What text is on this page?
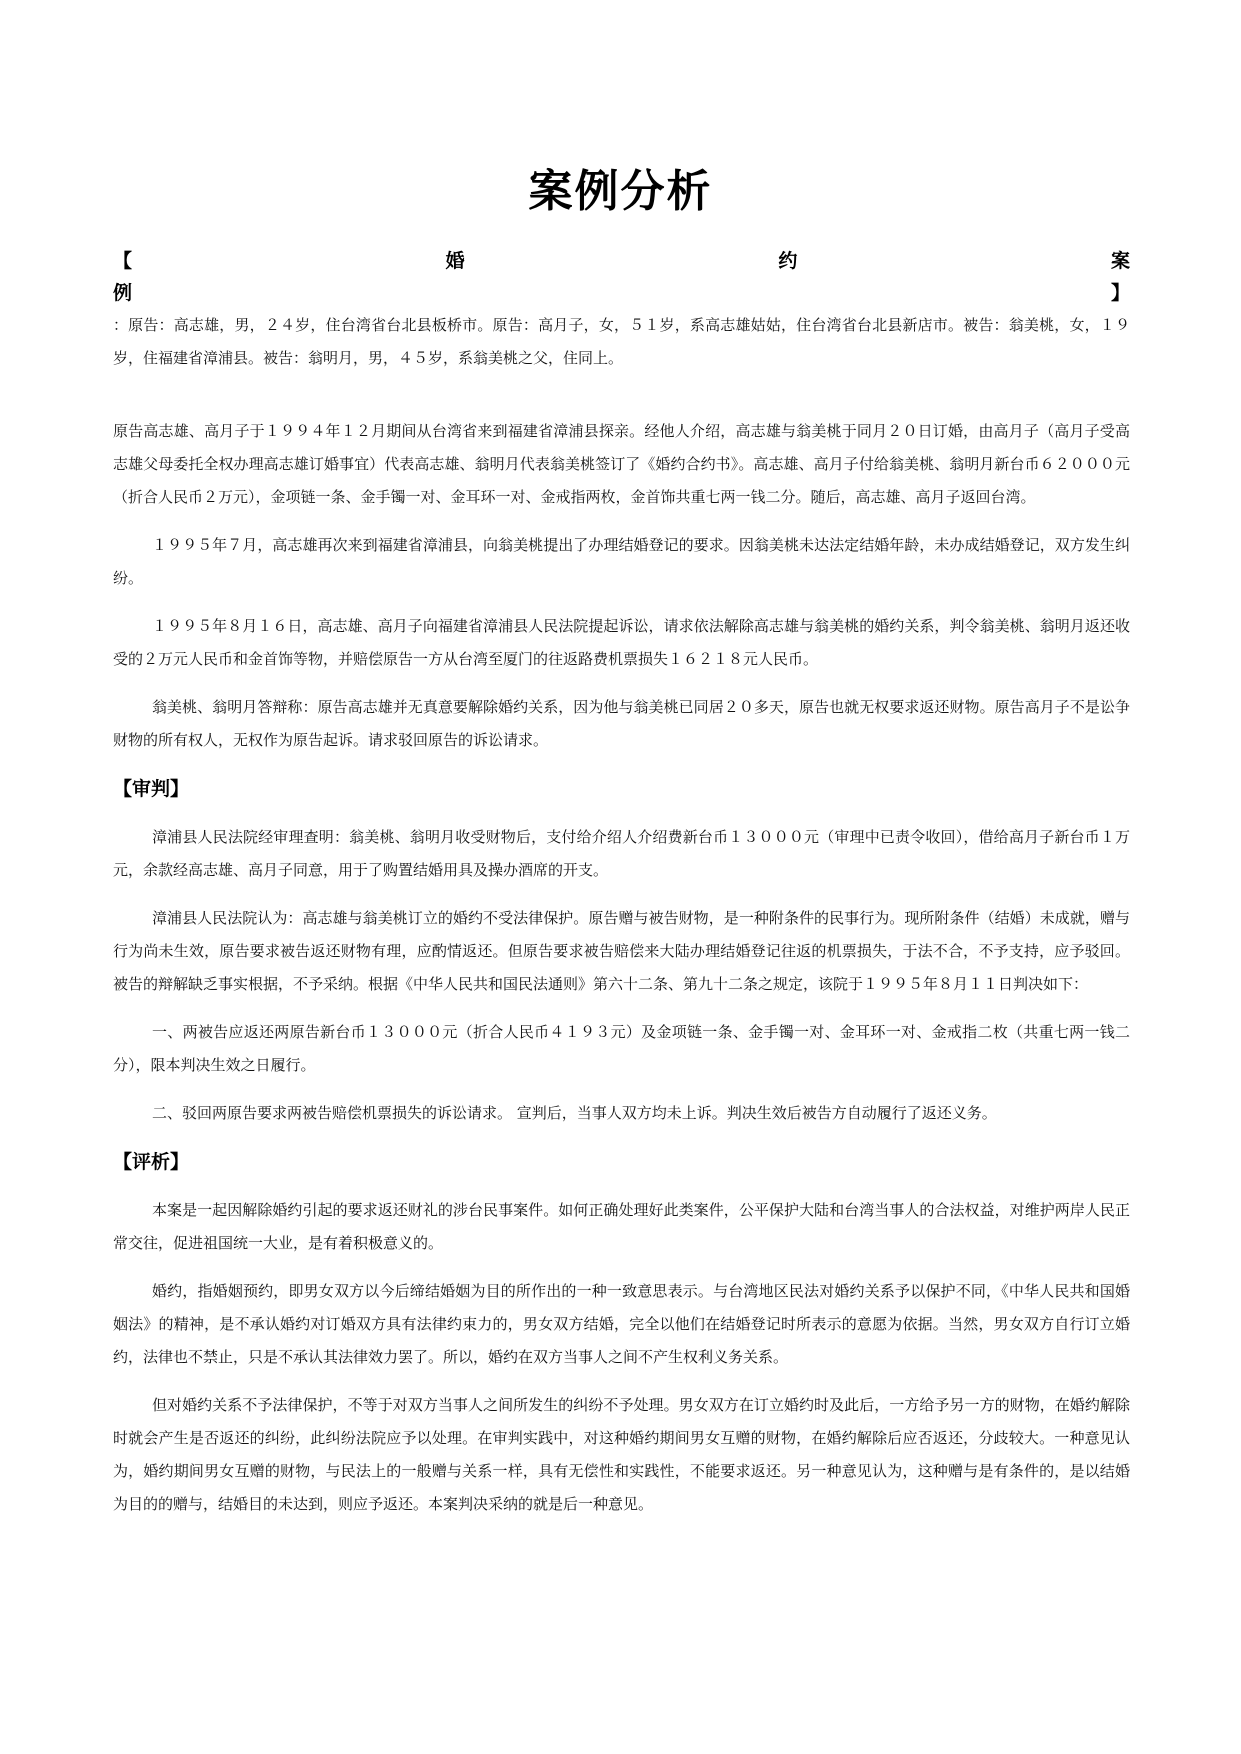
案例分析
【	婚	约	案
例	】

：原告：高志雄，男，２４岁，住台湾省台北县板桥市。原告：高月子，女，５１岁，系高志雄姑姑，住台湾省台北县新店市。被告：翁美桃，女，１９岁，住福建省漳浦县。被告：翁明月，男，４５岁，系翁美桃之父，住同上。

原告高志雄、高月子于１９９４年１２月期间从台湾省来到福建省漳浦县探亲。经他人介绍，高志雄与翁美桃于同月２０日订婚，由高月子（高月子受高志雄父母委托全权办理高志雄订婚事宜）代表高志雄、翁明月代表翁美桃签订了《婚约合约书》。高志雄、高月子付给翁美桃、翁明月新台币６２０００元（折合人民币２万元），金项链一条、金手镯一对、金耳环一对、金戒指两枚，金首饰共重七两一钱二分。随后，高志雄、高月子返回台湾。

１９９５年７月，高志雄再次来到福建省漳浦县，向翁美桃提出了办理结婚登记的要求。因翁美桃未达法定结婚年龄，未办成结婚登记，双方发生纠纷。

１９９５年８月１６日，高志雄、高月子向福建省漳浦县人民法院提起诉讼，请求依法解除高志雄与翁美桃的婚约关系，判令翁美桃、翁明月返还收受的２万元人民币和金首饰等物，并赔偿原告一方从台湾至厦门的往返路费机票损失１６２１８元人民币。

翁美桃、翁明月答辩称：原告高志雄并无真意要解除婚约关系，因为他与翁美桃已同居２０多天，原告也就无权要求返还财物。原告高月子不是讼争财物的所有权人，无权作为原告起诉。请求驳回原告的诉讼请求。

【审判】

漳浦县人民法院经审理查明：翁美桃、翁明月收受财物后，支付给介绍人介绍费新台币１３０００元（审理中已责令收回），借给高月子新台币１万元，余款经高志雄、高月子同意，用于了购置结婚用具及操办酒席的开支。

漳浦县人民法院认为：高志雄与翁美桃订立的婚约不受法律保护。原告赠与被告财物，是一种附条件的民事行为。现所附条件（结婚）未成就，赠与行为尚未生效，原告要求被告返还财物有理，应酌情返还。但原告要求被告赔偿来大陆办理结婚登记往返的机票损失，于法不合，不予支持，应予驳回。被告的辩解缺乏事实根据，不予采纳。根据《中华人民共和国民法通则》第六十二条、第九十二条之规定，该院于１９９５年８月１１日判决如下：

一、两被告应返还两原告新台币１３０００元（折合人民币４１９３元）及金项链一条、金手镯一对、金耳环一对、金戒指二枚（共重七两一钱二分），限本判决生效之日履行。

二、驳回两原告要求两被告赔偿机票损失的诉讼请求。 宣判后，当事人双方均未上诉。判决生效后被告方自动履行了返还义务。

【评析】

本案是一起因解除婚约引起的要求返还财礼的涉台民事案件。如何正确处理好此类案件，公平保护大陆和台湾当事人的合法权益，对维护两岸人民正常交往，促进祖国统一大业，是有着积极意义的。

婚约，指婚姻预约，即男女双方以今后缔结婚姻为目的所作出的一种一致意思表示。与台湾地区民法对婚约关系予以保护不同，《中华人民共和国婚姻法》的精神，是不承认婚约对订婚双方具有法律约束力的，男女双方结婚，完全以他们在结婚登记时所表示的意愿为依据。当然，男女双方自行订立婚约，法律也不禁止，只是不承认其法律效力罢了。所以，婚约在双方当事人之间不产生权利义务关系。

但对婚约关系不予法律保护，不等于对双方当事人之间所发生的纠纷不予处理。男女双方在订立婚约时及此后，一方给予另一方的财物，在婚约解除时就会产生是否返还的纠纷，此纠纷法院应予以处理。在审判实践中，对这种婚约期间男女互赠的财物，在婚约解除后应否返还，分歧较大。一种意见认为，婚约期间男女互赠的财物，与民法上的一般赠与关系一样，具有无偿性和实践性，不能要求返还。另一种意见认为，这种赠与是有条件的，是以结婚为目的的赠与，结婚目的未达到，则应予返还。本案判决采纳的就是后一种意见。
